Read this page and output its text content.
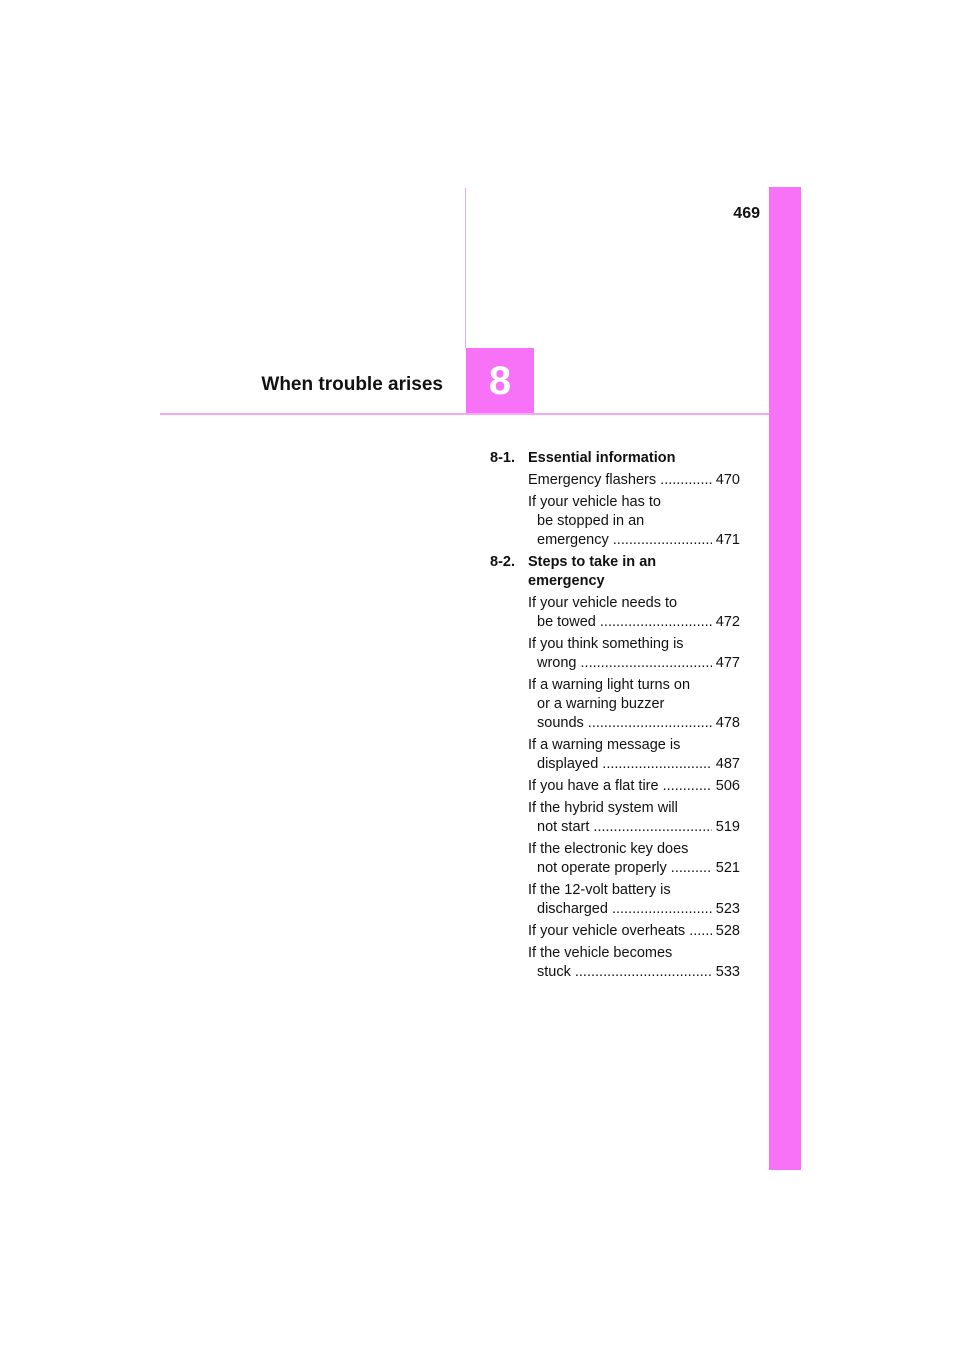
469
8
When trouble arises
8-1. Essential information
Emergency flashers .....	470
If your vehicle has to
be stopped in an
emergency .....	471
8-2. Steps to take in an
emergency
If your vehicle needs to
be towed .....	472
If you think something is
wrong .....	477
If a warning light turns on
or a warning buzzer
sounds .....	478
If a warning message is
displayed .....	487
If you have a flat tire .....	506
If the hybrid system will
not start .....	519
If the electronic key does
not operate properly .....	521
If the 12-volt battery is
discharged .....	523
If your vehicle overheats .....	528
If the vehicle becomes
stuck .....	533
